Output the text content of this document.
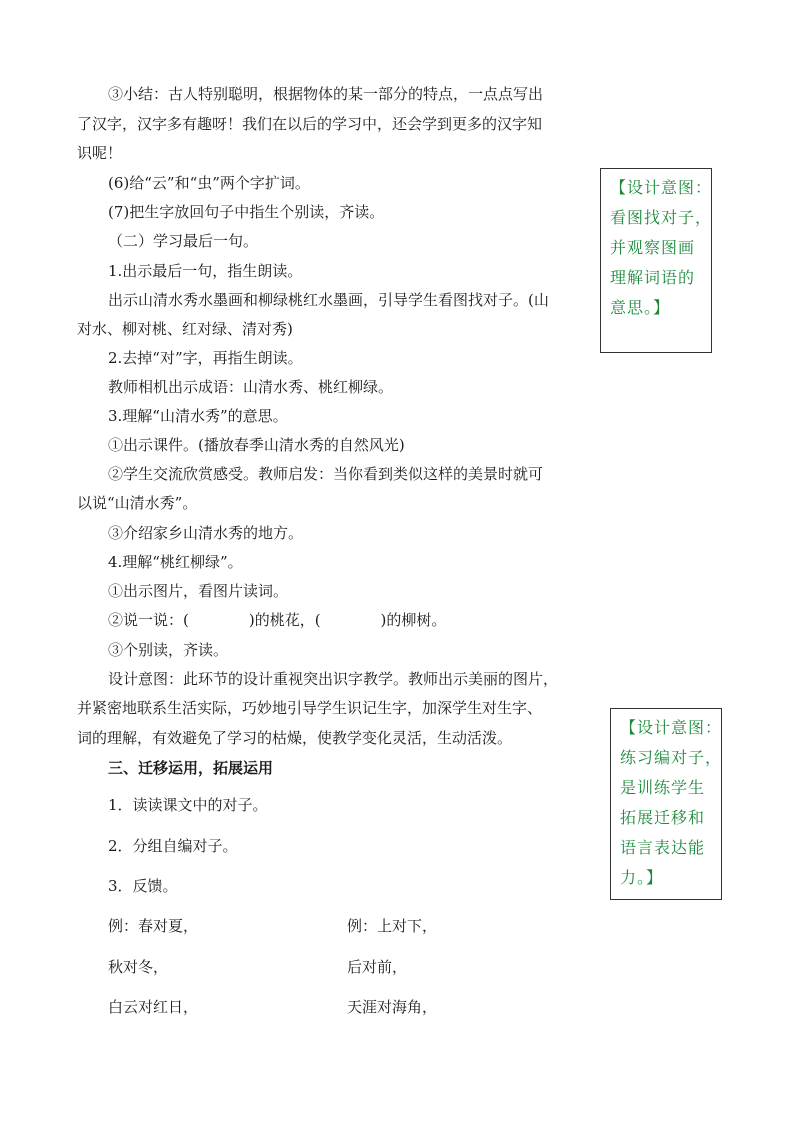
③小结：古人特别聪明，根据物体的某一部分的特点，一点点写出
了汉字，汉字多有趣呀！我们在以后的学习中，还会学到更多的汉字知
识呢！
(6)给“云”和“虫”两个字扩词。
(7)把生字放回句子中指生个别读，齐读。
（二）学习最后一句。
1.出示最后一句，指生朗读。
出示山清水秀水墨画和柳绿桃红水墨画，引导学生看图找对子。(山
对水、柳对桃、红对绿、清对秀)
2.去掉“对”字，再指生朗读。
教师相机出示成语：山清水秀、桃红柳绿。
3.理解“山清水秀”的意思。
①出示课件。(播放春季山清水秀的自然风光)
②学生交流欣赏感受。教师启发：当你看到类似这样的美景时就可
以说“山清水秀”。
③介绍家乡山清水秀的地方。
4.理解“桃红柳绿”。
①出示图片，看图片读词。
②说一说：(　　　　)的桃花，(　　　　)的柳树。
③个别读，齐读。
设计意图：此环节的设计重视突出识字教学。教师出示美丽的图片，
并紧密地联系生活实际，巧妙地引导学生识记生字，加深学生对生字、
词的理解，有效避免了学习的枯燥，使教学变化灵活，生动活泼。
三、迁移运用，拓展运用
1．读读课文中的对子。
2．分组自编对子。
3．反馈。
例：春对夏，
秋对冬，
白云对红日，
例：上对下，
后对前，
天涯对海角，
【设计意图：
看图找对子，
并观察图画
理解词语的
意思。】
【设计意图：
练习编对子，
是训练学生
拓展迁移和
语言表达能
力。】
